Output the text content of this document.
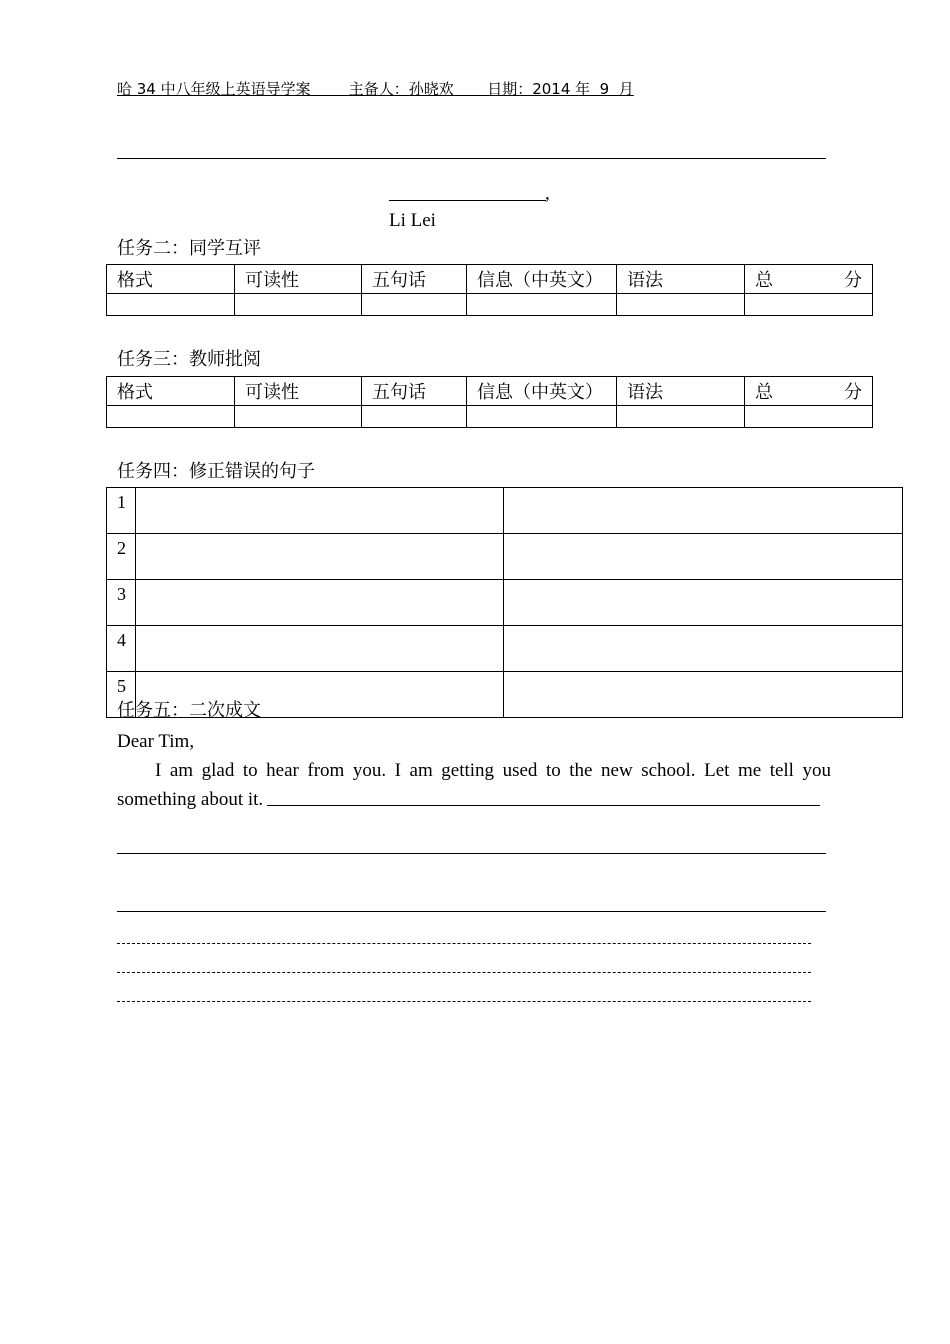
哈 34 中八年级上英语导学案	主备人：孙晓欢 日期：2014 年  9  月
,
Li Lei
任务二：同学互评
格式	可读性	五句话	信息（中英文）	语法	总 分

任务三：教师批阅
格式	可读性	五句话	信息（中英文）	语法	总 分

任务四：修正错误的句子
1		
2		
3		
4		
5		
任务五：二次成文
Dear Tim,
I am glad to hear from you. I am getting used to the new school. Let me tell you something about it.
